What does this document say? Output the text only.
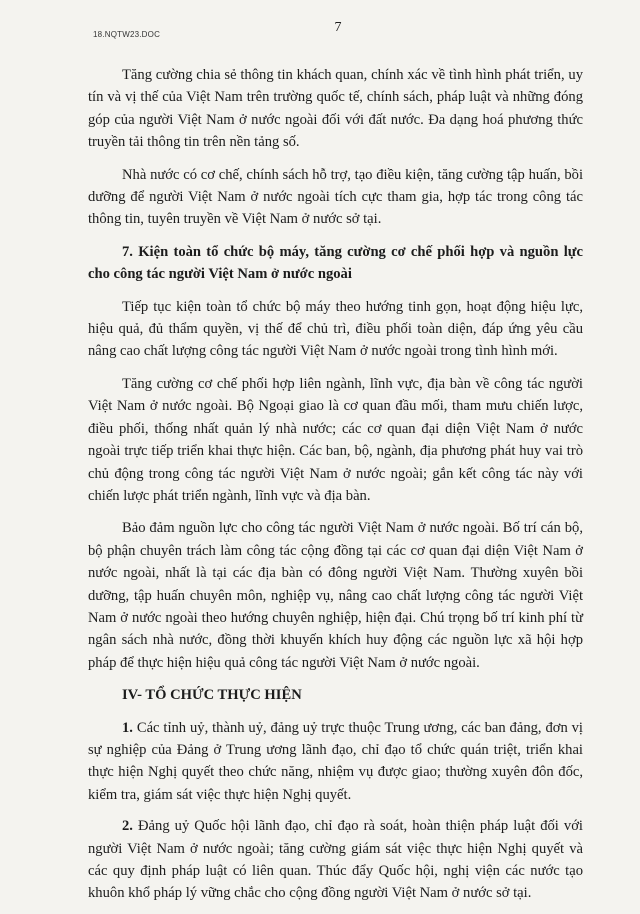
18.NQTW23.DOC	7

Tăng cường chia sẻ thông tin khách quan, chính xác về tình hình phát triển, uy tín và vị thế của Việt Nam trên trường quốc tế, chính sách, pháp luật và những đóng góp của người Việt Nam ở nước ngoài đối với đất nước. Đa dạng hoá phương thức truyền tải thông tin trên nền tảng số.

Nhà nước có cơ chế, chính sách hỗ trợ, tạo điều kiện, tăng cường tập huấn, bồi dưỡng để người Việt Nam ở nước ngoài tích cực tham gia, hợp tác trong công tác thông tin, tuyên truyền về Việt Nam ở nước sở tại.

7. Kiện toàn tổ chức bộ máy, tăng cường cơ chế phối hợp và nguồn lực cho công tác người Việt Nam ở nước ngoài

Tiếp tục kiện toàn tổ chức bộ máy theo hướng tinh gọn, hoạt động hiệu lực, hiệu quả, đủ thẩm quyền, vị thế để chủ trì, điều phối toàn diện, đáp ứng yêu cầu nâng cao chất lượng công tác người Việt Nam ở nước ngoài trong tình hình mới.

Tăng cường cơ chế phối hợp liên ngành, lĩnh vực, địa bàn về công tác người Việt Nam ở nước ngoài. Bộ Ngoại giao là cơ quan đầu mối, tham mưu chiến lược, điều phối, thống nhất quản lý nhà nước; các cơ quan đại diện Việt Nam ở nước ngoài trực tiếp triển khai thực hiện. Các ban, bộ, ngành, địa phương phát huy vai trò chủ động trong công tác người Việt Nam ở nước ngoài; gắn kết công tác này với chiến lược phát triển ngành, lĩnh vực và địa bàn.

Bảo đảm nguồn lực cho công tác người Việt Nam ở nước ngoài. Bố trí cán bộ, bộ phận chuyên trách làm công tác cộng đồng tại các cơ quan đại diện Việt Nam ở nước ngoài, nhất là tại các địa bàn có đông người Việt Nam. Thường xuyên bồi dưỡng, tập huấn chuyên môn, nghiệp vụ, nâng cao chất lượng công tác người Việt Nam ở nước ngoài theo hướng chuyên nghiệp, hiện đại. Chú trọng bố trí kinh phí từ ngân sách nhà nước, đồng thời khuyến khích huy động các nguồn lực xã hội hợp pháp để thực hiện hiệu quả công tác người Việt Nam ở nước ngoài.

IV- TỔ CHỨC THỰC HIỆN

1. Các tỉnh uỷ, thành uỷ, đảng uỷ trực thuộc Trung ương, các ban đảng, đơn vị sự nghiệp của Đảng ở Trung ương lãnh đạo, chỉ đạo tổ chức quán triệt, triển khai thực hiện Nghị quyết theo chức năng, nhiệm vụ được giao; thường xuyên đôn đốc, kiểm tra, giám sát việc thực hiện Nghị quyết.

2. Đảng uỷ Quốc hội lãnh đạo, chỉ đạo rà soát, hoàn thiện pháp luật đối với người Việt Nam ở nước ngoài; tăng cường giám sát việc thực hiện Nghị quyết và các quy định pháp luật có liên quan. Thúc đẩy Quốc hội, nghị viện các nước tạo khuôn khổ pháp lý vững chắc cho cộng đồng người Việt Nam ở nước sở tại.
